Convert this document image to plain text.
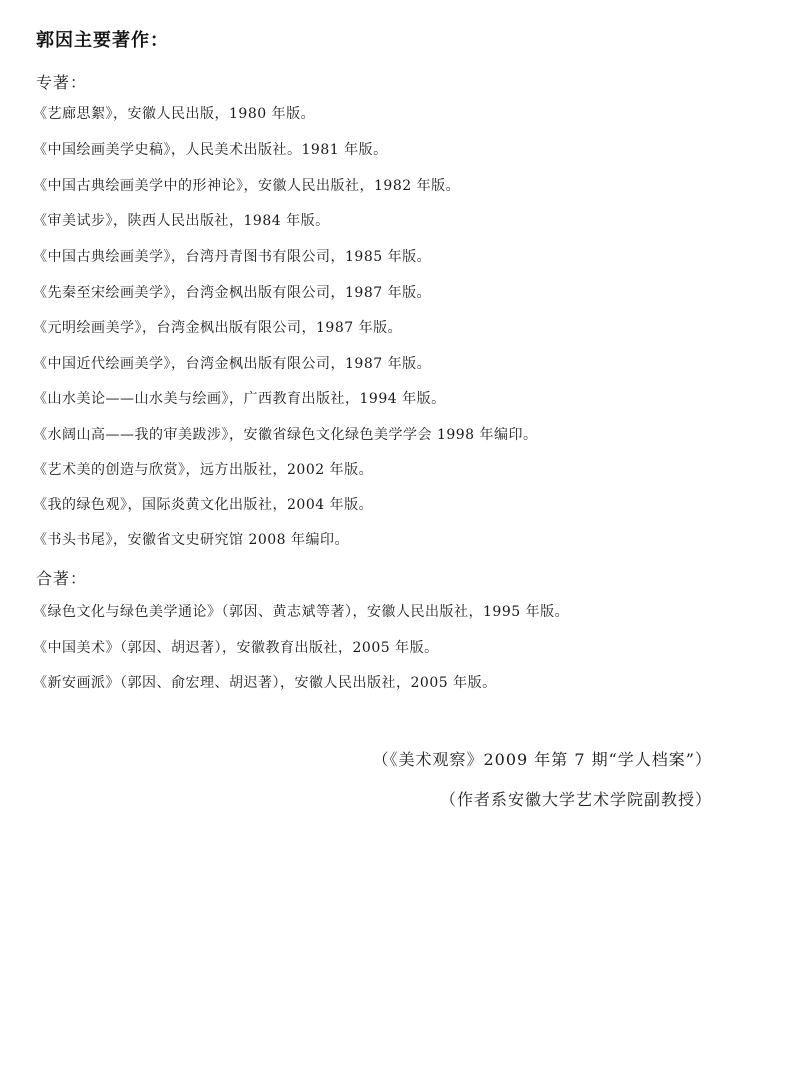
郭因主要著作：
专著：
《艺廊思絮》，安徽人民出版，1980 年版。
《中国绘画美学史稿》，人民美术出版社。1981 年版。
《中国古典绘画美学中的形神论》，安徽人民出版社，1982 年版。
《审美试步》，陕西人民出版社，1984 年版。
《中国古典绘画美学》，台湾丹青图书有限公司，1985 年版。
《先秦至宋绘画美学》，台湾金枫出版有限公司，1987 年版。
《元明绘画美学》，台湾金枫出版有限公司，1987 年版。
《中国近代绘画美学》，台湾金枫出版有限公司，1987 年版。
《山水美论——山水美与绘画》，广西教育出版社，1994 年版。
《水阔山高——我的审美跋涉》，安徽省绿色文化绿色美学学会 1998 年编印。
《艺术美的创造与欣赏》，远方出版社，2002 年版。
《我的绿色观》，国际炎黄文化出版社，2004 年版。
《书头书尾》，安徽省文史研究馆 2008 年编印。
合著：
《绿色文化与绿色美学通论》（郭因、黄志斌等著），安徽人民出版社，1995 年版。
《中国美术》（郭因、胡迟著），安徽教育出版社，2005 年版。
《新安画派》（郭因、俞宏理、胡迟著），安徽人民出版社，2005 年版。
（《美术观察》2009 年第 7 期“学人档案”）
（作者系安徽大学艺术学院副教授）
